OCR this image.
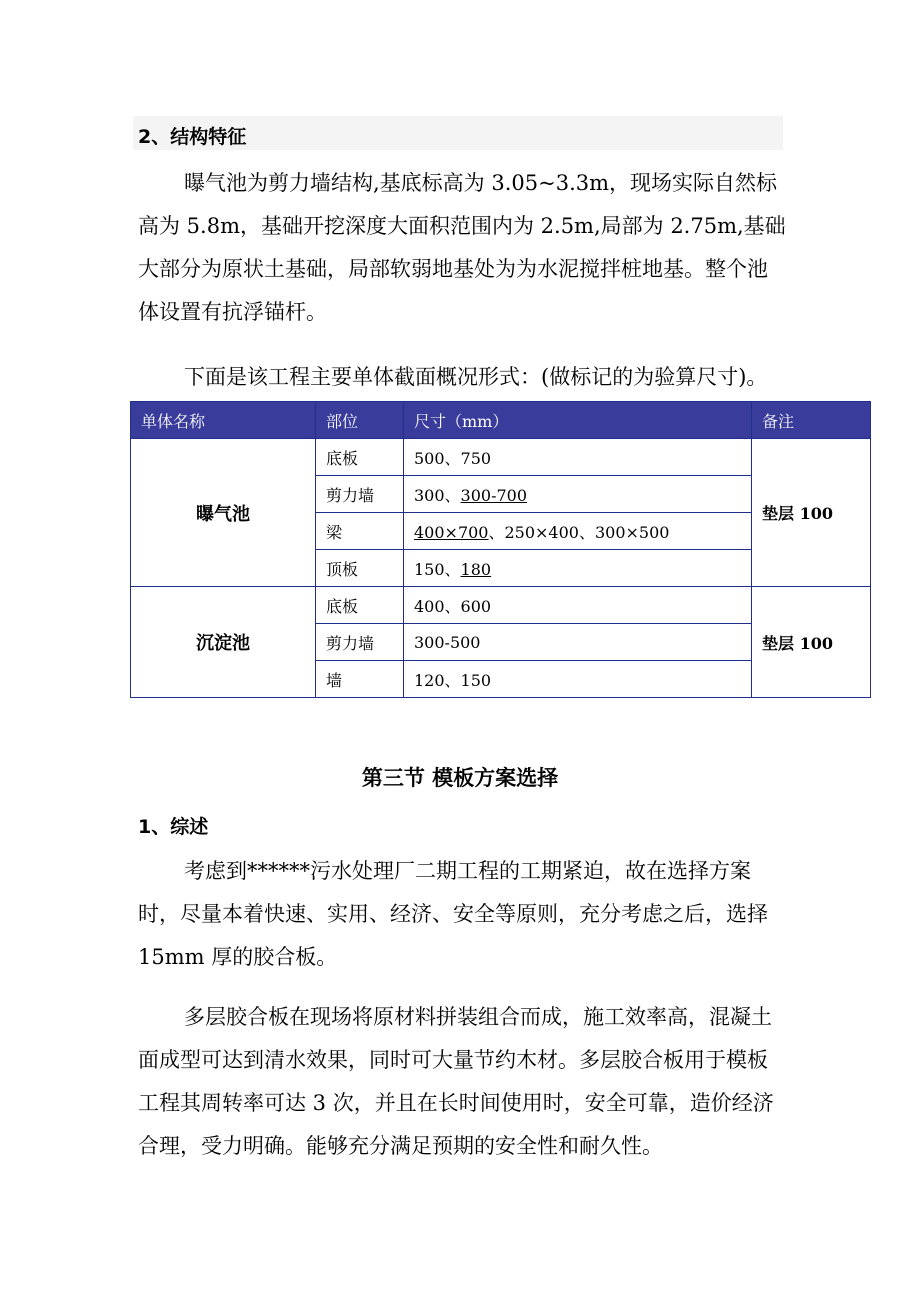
2、结构特征

曝气池为剪力墙结构,基底标高为 3.05~3.3m，现场实际自然标高为 5.8m，基础开挖深度大面积范围内为 2.5m,局部为 2.75m,基础大部分为原状土基础，局部软弱地基处为为水泥搅拌桩地基。整个池体设置有抗浮锚杆。

下面是该工程主要单体截面概况形式：(做标记的为验算尺寸)。

单体名称	部位	尺寸（mm）	备注
曝气池	底板	500、750	垫层 100
	剪力墙	300、300-700	
	梁	400×700、250×400、300×500	
	顶板	150、180	
沉淀池	底板	400、600	垫层 100
	剪力墙	300-500	
	墙	120、150	
第三节 模板方案选择
1、综述

考虑到******污水处理厂二期工程的工期紧迫，故在选择方案时，尽量本着快速、实用、经济、安全等原则，充分考虑之后，选择 15mm 厚的胶合板。

多层胶合板在现场将原材料拼装组合而成，施工效率高，混凝土面成型可达到清水效果，同时可大量节约木材。多层胶合板用于模板工程其周转率可达 3 次，并且在长时间使用时，安全可靠，造价经济合理，受力明确。能够充分满足预期的安全性和耐久性。
